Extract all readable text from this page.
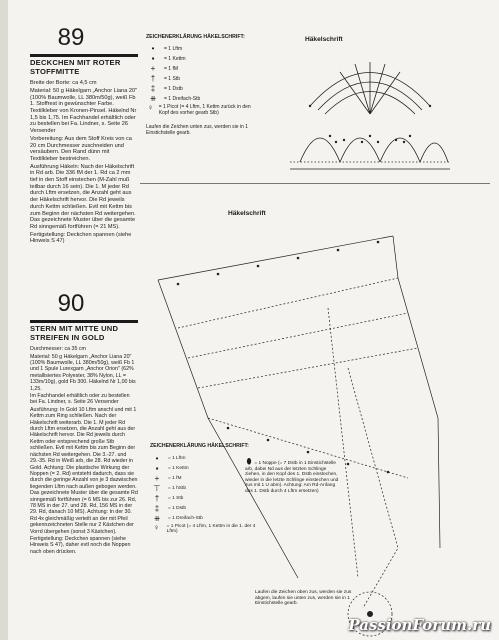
89
DECKCHEN MIT ROTER STOFFMITTE

Breite der Borte: ca 4,5 cm

Material: 50 g Häkelgarn „Anchor Liana 20" (100% Baumwolle, LL 380m/50g), weiß Fb 1. Stoffrest in gewünschter Farbe. Textilkleber von Kronen-Pinsel. Häkelnd Nr 1,5 bis 1,75. Im Fachhandel erhältlich oder zu bestellen bei Fa. Lindner, s. Seite 26 Versender

Vorbereitung: Aus dem Stoff Kreis von ca 20 cm Durchmesser zuschneiden und versäubern. Den Rand dünn mit Textilkleber bestreichen.

Ausführung Häkeln: Nach der Häkelschrift in Rd arb. Die 336 fM der 1. Rd ca 2 mm tief in den Stoff einstechen (M-Zahl muß teilbar durch 16 sein). Die 1. M jeder Rd durch Lftm ersetzen, die Anzahl geht aus der Häkelschrift hervor. Die Rd jeweils durch Kettm schließen. Evtl mit Kettm bis zum Beginn der nächsten Rd weitergehen. Das gezeichnete Muster über die gesamte Rd sinngemäß fortführen (= 21 MS).

Fertigstellung: Deckchen spannen (siehe Hinweis S 47)

90
STERN MIT MITTE UND STREIFEN IN GOLD

Durchmesser: ca 35 cm

Material: 50 g Häkelgarn „Anchor Liana 20" (100% Baumwolle, LL 380m/50g), weiß Fb 1 und 1 Spule Lurexgarn „Anchor Orion" (62% metallisiertes Polyester, 38% Nylon, LL = 133m/10g), gold Fb 300. Häkelnd Nr 1,00 bis 1,25.

Im Fachhandel erhältlich oder zu bestellen bei Fa. Lindner, s. Seite 26 Versender

Ausführung: In Gold 10 Lftm anschl und mit 1 Kettm zum Ring schließen. Nach der Häkelschrift weiterarb. Die 1. M jeder Rd durch Lftm ersetzen, die Anzahl geht aus der Häkelschrift hervor. Die Rd jeweils durch Kettm oder entsprechend große Stb schließen. Evtl mit Kettm bis zum Beginn der nächsten Rd weitergehen. Die 3.-27. und 29.-35. Rd in Weiß arb, die 28. Rd wieder in Gold. Achtung: Die plastische Wirkung der Noppen (= 2. Rd) entsteht dadurch, dass sie durch die geringe Anzahl von je 3 dazwischen liegenden Lftm nach außen gebogen werden. Das gezeichnete Muster über die gesamte Rd sinngemäß fortführen (= 6 MS bis zur 26. Rd, 78 MS in der 27. und 28. Rd, 156 MS in der 29. Rd, danach 10 MS). Achtung: In der 30. Rd 4x gleichmäßig verteilt an der mit Pfeil gekennzeichneten Stelle nur 2 Kästchen der Vorrd übergehen (sonst 3 Kästchen).

Fertigstellung: Deckchen spannen (siehe Hinweis S 47), daher evtl noch die Noppen nach oben drücken.

ZEICHENERKLÄRUNG HÄKELSCHRIFT:
•	= 1 Lftm
▪	= 1 Kettm
+	= 1 fM
†	= 1 Stb
‡	= 1 Dstb
⧺	= 1 Dreifach-Stb
♀ = 1 Picot (= 4 Lftm, 1 Kettm zurück in den Kopf des vorher gearb Stb)
Laufen die Zeichen unten zus, werden sie in 1 Einstichstelle gearb.
Häkelschrift
Häkelschrift
ZEICHENERKLÄRUNG HÄKELSCHRIFT:
•	= 1 Lftm
▪	= 1 Kettm
+	= 1 fM
⊤	= 1 hStb
†	= 1 Stb
‡	= 1 Dstb
⧺	= 1 Dreifach-Stb
♀	= 1 Picot (= 4 Lftm, 1 Kettm in die 1. der 4 Lftm)
⬮ = 1 Noppe (= 7 Dstb in 1 Einstichstelle arb, dabei Nd aus der letzten Schlinge ziehen, in den Kopf des 1. Dstb einstechen, wieder in die letzte Schlinge einstechen und zus mit 1 U abm). Achtung: Am Rd-Anfang das 1. Dstb durch 4 Lftm ersetzen)
Laufen die Zeichen oben zus, werden sie zus abgem, laufen sie unten zus, werden sie in 1 Einstichstelle gearb.
PassionForum.ru
